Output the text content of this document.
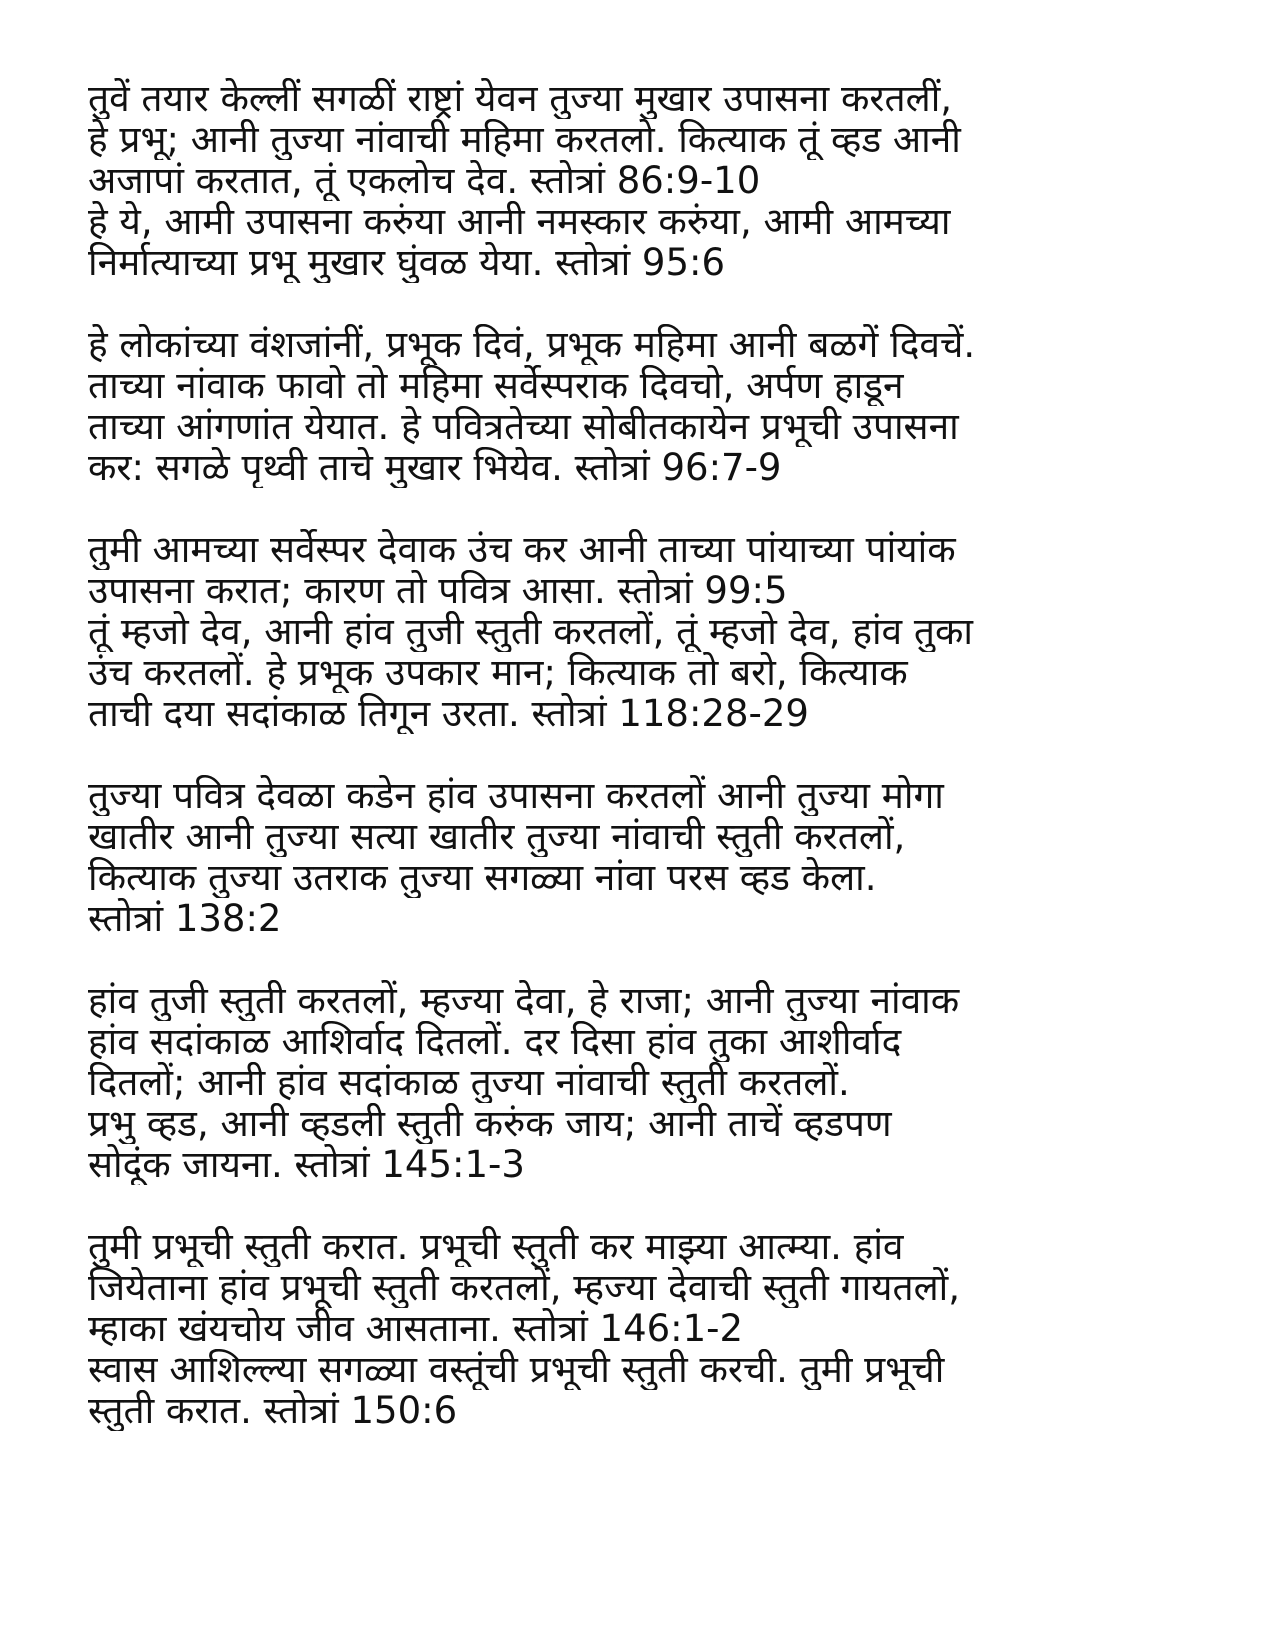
तुवें तयार केल्लीं सगळीं राष्ट्रां येवन तुज्या मुखार उपासना करतलीं,
हे प्रभू; आनी तुज्या नांवाची महिमा करतलो. कित्याक तूं व्हड आनी
अजापां करतात, तूं एकलोच देव. स्तोत्रां 86:9-10
हे ये, आमी उपासना करुंया आनी नमस्कार करुंया, आमी आमच्या
निर्मात्याच्या प्रभू मुखार घुंवळ येया. स्तोत्रां 95:6
हे लोकांच्या वंशजांनीं, प्रभूक दिवं, प्रभूक महिमा आनी बळगें दिवचें.
ताच्या नांवाक फावो तो महिमा सर्वेस्पराक दिवचो, अर्पण हाडून
ताच्या आंगणांत येयात. हे पवित्रतेच्या सोबीतकायेन प्रभूची उपासना
कर: सगळे पृथ्वी ताचे मुखार भियेव. स्तोत्रां 96:7-9
तुमी आमच्या सर्वेस्पर देवाक उंच कर आनी ताच्या पांयाच्या पांयांक
उपासना करात; कारण तो पवित्र आसा. स्तोत्रां 99:5
तूं म्हजो देव, आनी हांव तुजी स्तुती करतलों, तूं म्हजो देव, हांव तुका
उंच करतलों. हे प्रभूक उपकार मान; कित्याक तो बरो, कित्याक
ताची दया सदांकाळ तिगून उरता. स्तोत्रां 118:28-29
तुज्या पवित्र देवळा कडेन हांव उपासना करतलों आनी तुज्या मोगा
खातीर आनी तुज्या सत्या खातीर तुज्या नांवाची स्तुती करतलों,
कित्याक तुज्या उतराक तुज्या सगळ्या नांवा परस व्हड केला.
स्तोत्रां 138:2
हांव तुजी स्तुती करतलों, म्हज्या देवा, हे राजा; आनी तुज्या नांवाक
हांव सदांकाळ आशिर्वाद दितलों. दर दिसा हांव तुका आशीर्वाद
दितलों; आनी हांव सदांकाळ तुज्या नांवाची स्तुती करतलों.
प्रभु व्हड, आनी व्हडली स्तुती करुंक जाय; आनी ताचें व्हडपण
सोदूंक जायना. स्तोत्रां 145:1-3
तुमी प्रभूची स्तुती करात. प्रभूची स्तुती कर माझ्या आत्म्या. हांव
जियेताना हांव प्रभूची स्तुती करतलों, म्हज्या देवाची स्तुती गायतलों,
म्हाका खंयचोय जीव आसताना. स्तोत्रां 146:1-2
स्वास आशिल्ल्या सगळ्या वस्तूंची प्रभूची स्तुती करची. तुमी प्रभूची
स्तुती करात. स्तोत्रां 150:6
